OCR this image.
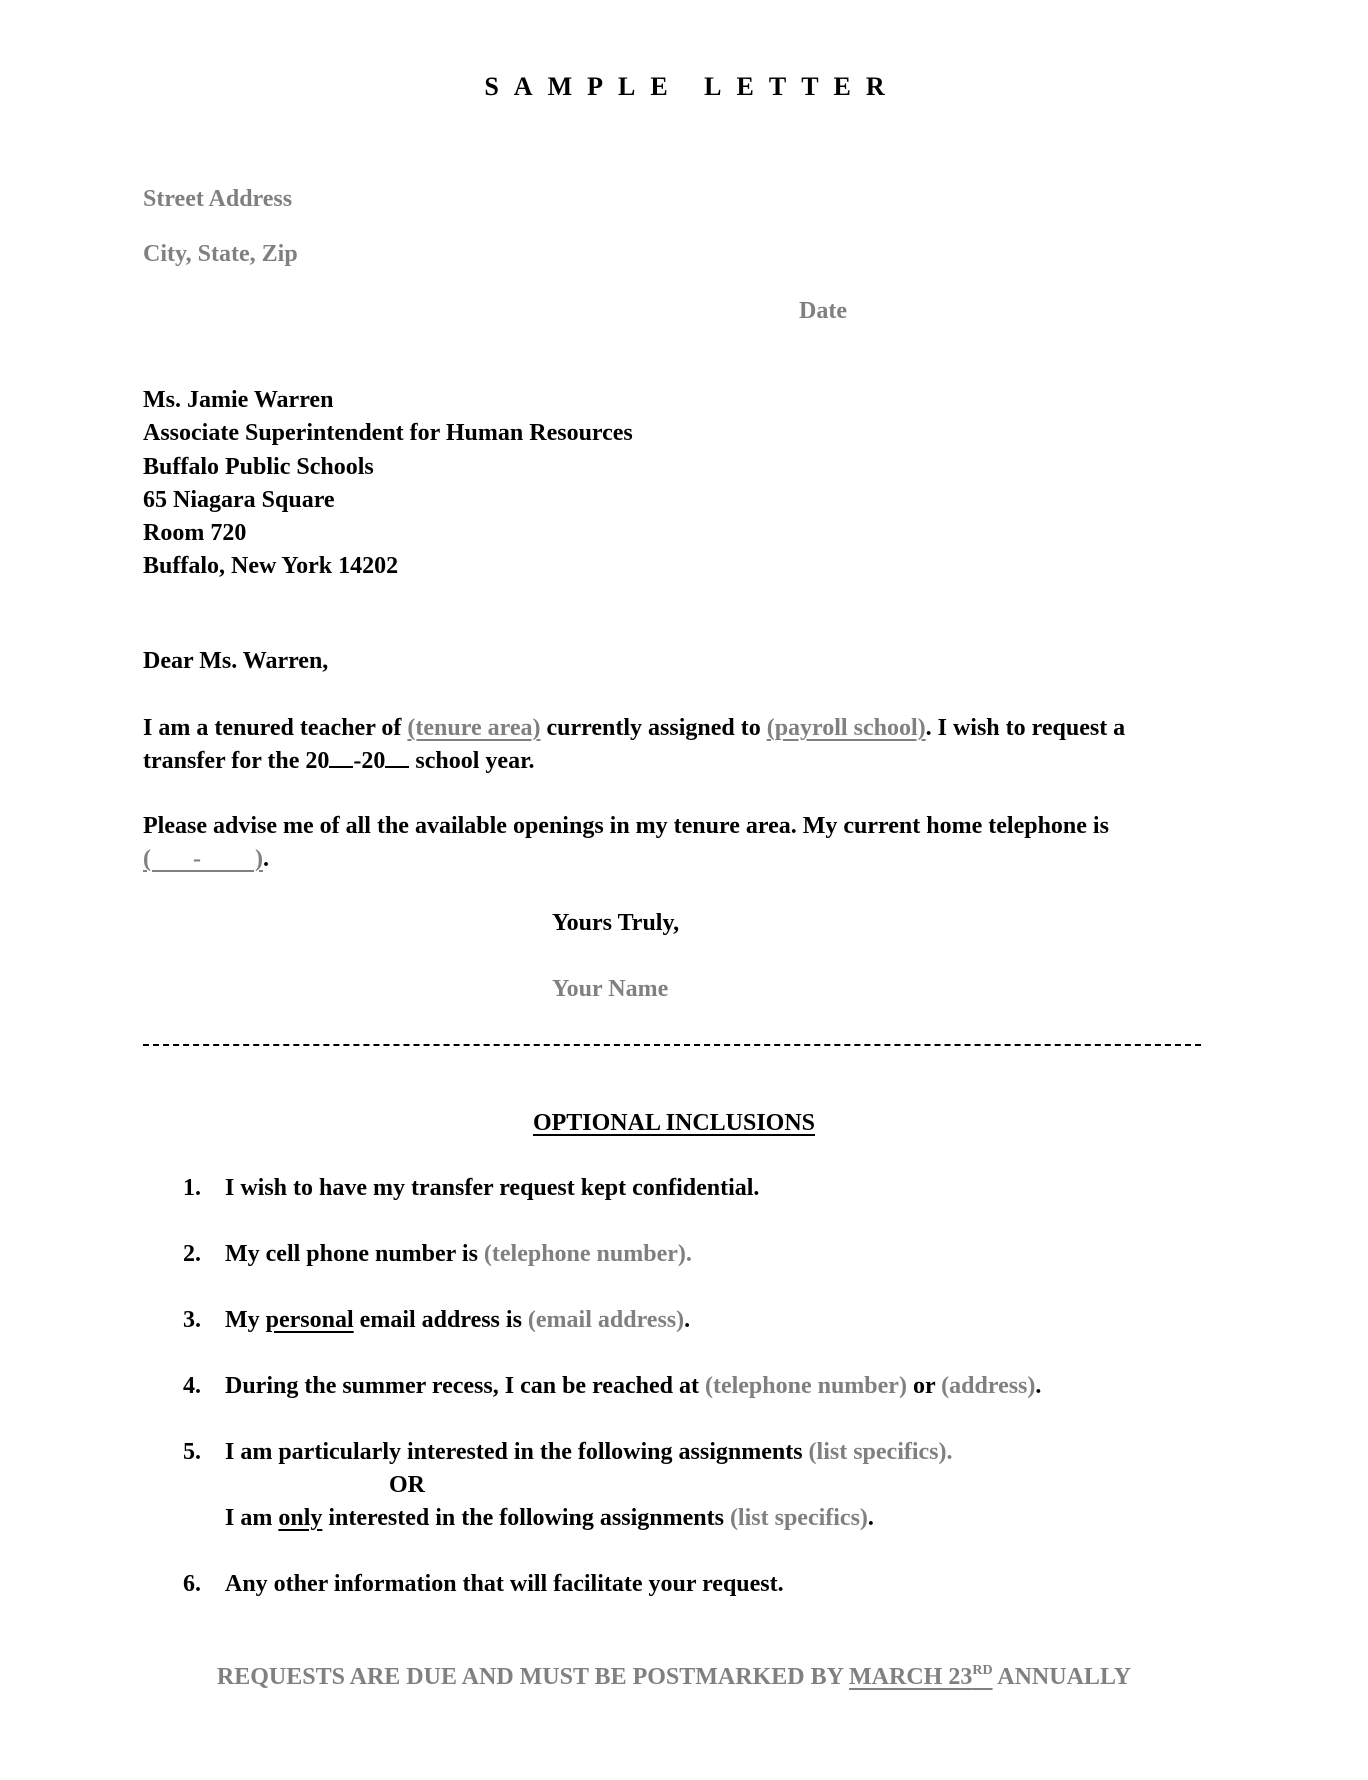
SAMPLE LETTER
Street Address
City, State, Zip
Date
Ms. Jamie Warren
Associate Superintendent for Human Resources
Buffalo Public Schools
65 Niagara Square
Room 720
Buffalo, New York 14202
Dear Ms. Warren,
I am a tenured teacher of (tenure area) currently assigned to (payroll school). I wish to request a transfer for the 20 -20 school year.
Please advise me of all the available openings in my tenure area. My current home telephone is (       -         ).
Yours Truly,
Your Name
OPTIONAL INCLUSIONS
1. I wish to have my transfer request kept confidential.
2. My cell phone number is (telephone number).
3. My personal email address is (email address).
4. During the summer recess, I can be reached at (telephone number) or (address).
5. I am particularly interested in the following assignments (list specifics).
OR
I am only interested in the following assignments (list specifics).
6. Any other information that will facilitate your request.
REQUESTS ARE DUE AND MUST BE POSTMARKED BY MARCH 23RD ANNUALLY
